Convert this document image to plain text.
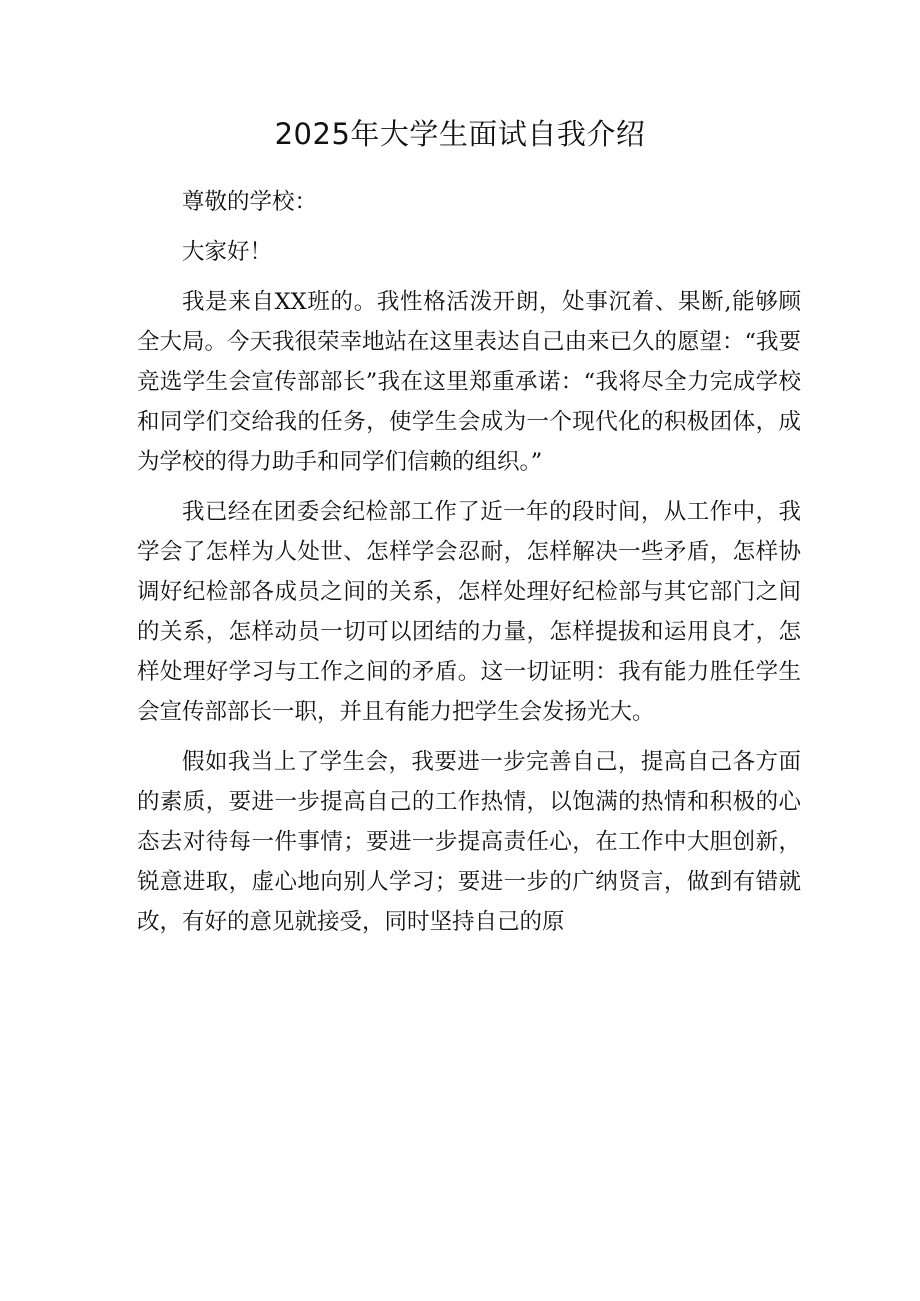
2025年大学生面试自我介绍

尊敬的学校：

大家好！

我是来自XX班的。我性格活泼开朗，处事沉着、果断,能够顾全大局。今天我很荣幸地站在这里表达自己由来已久的愿望：“我要竞选学生会宣传部部长”我在这里郑重承诺：“我将尽全力完成学校和同学们交给我的任务，使学生会成为一个现代化的积极团体，成为学校的得力助手和同学们信赖的组织。”

我已经在团委会纪检部工作了近一年的段时间，从工作中，我学会了怎样为人处世、怎样学会忍耐，怎样解决一些矛盾，怎样协调好纪检部各成员之间的关系，怎样处理好纪检部与其它部门之间的关系，怎样动员一切可以团结的力量，怎样提拔和运用良才，怎样处理好学习与工作之间的矛盾。这一切证明：我有能力胜任学生会宣传部部长一职，并且有能力把学生会发扬光大。

假如我当上了学生会，我要进一步完善自己，提高自己各方面的素质，要进一步提高自己的工作热情，以饱满的热情和积极的心态去对待每一件事情；要进一步提高责任心，在工作中大胆创新，锐意进取，虚心地向别人学习；要进一步的广纳贤言，做到有错就改，有好的意见就接受，同时坚持自己的原
